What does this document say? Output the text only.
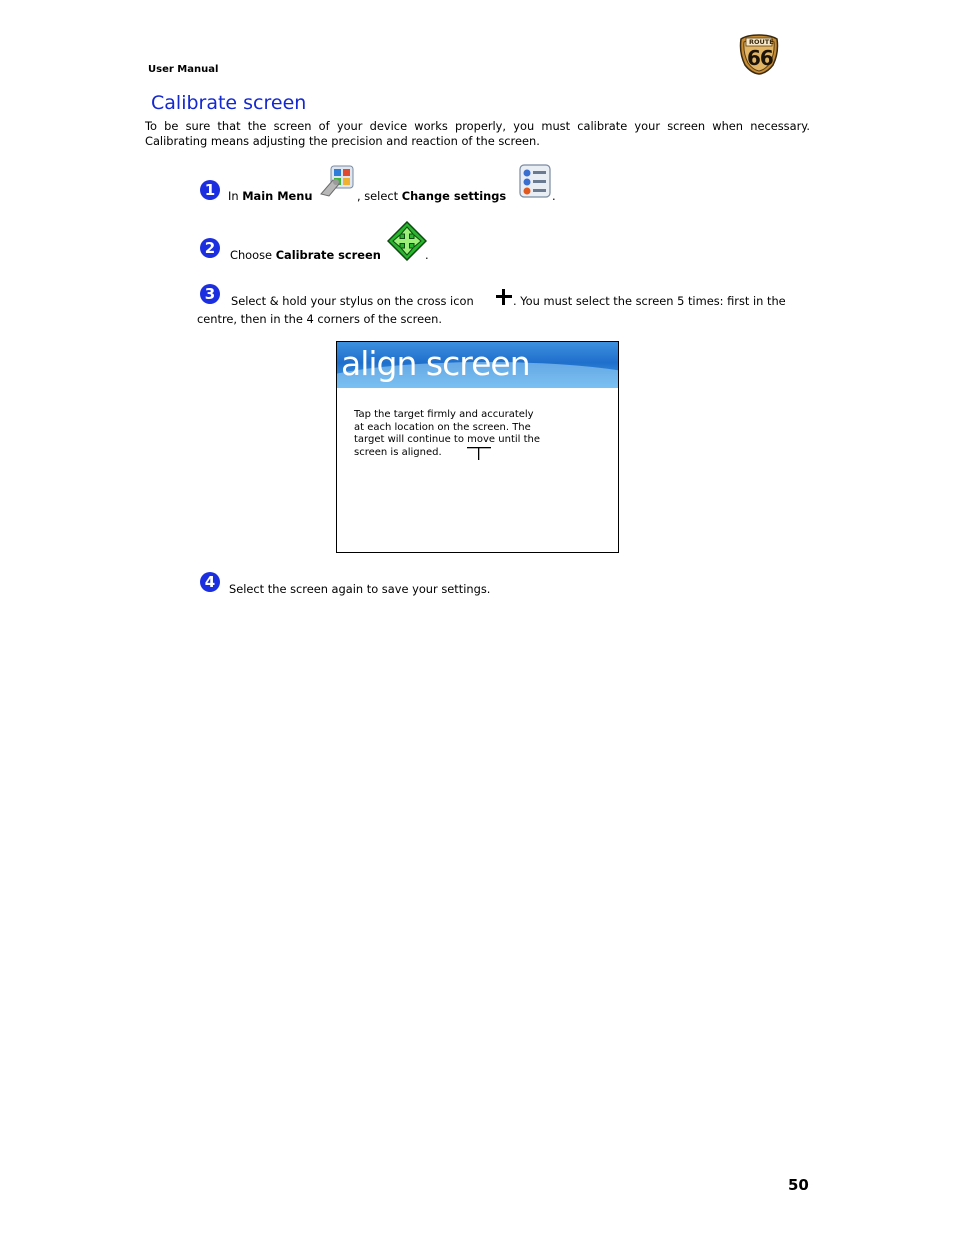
User Manual
ROUTE
66
Calibrate screen
To be sure that the screen of your device works properly, you must calibrate your screen when necessary. Calibrating means adjusting the precision and reaction of the screen.
1	In Main Menu	, select Change settings	.
2	Choose Calibrate screen	.
3	Select & hold your stylus on the cross icon	. You must select the screen 5 times: first in the
centre, then in the 4 corners of the screen.
align screen
Tap the target firmly and accurately at each location on the screen. The target will continue to move until the screen is aligned.
4	Select the screen again to save your settings.
50
